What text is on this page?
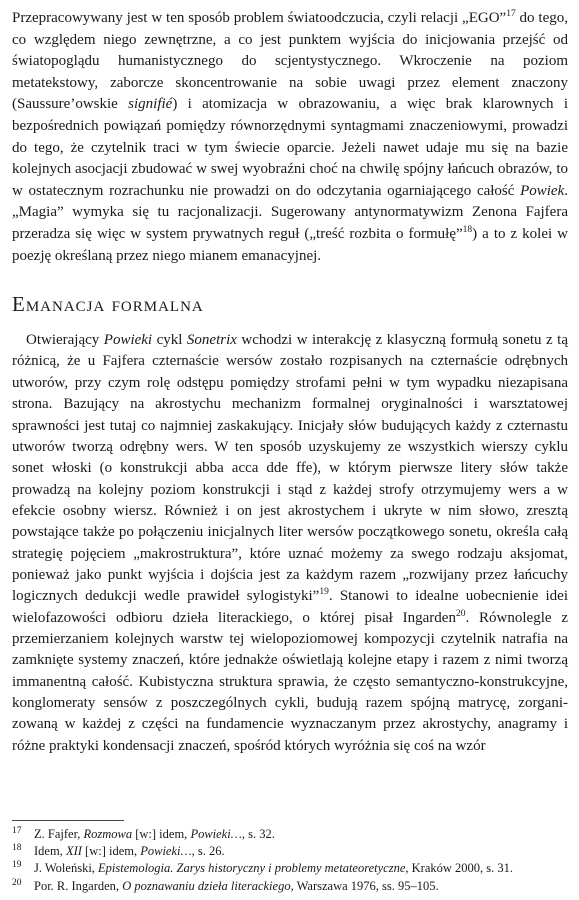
Przepracowywany jest w ten sposób problem światoodczucia, czyli relacji „EGO”$^{17}$ do tego, co względem niego zewnętrzne, a co jest punktem wyjścia do inicjowania przejść od światopoglądu humanistycznego do scjentystycznego. Wkroczenie na poziom metatekstowy, zaborcze skoncentrowanie na sobie uwagi przez element znaczony (Saussure’owskie signifié) i atomizacja w obrazowaniu, a więc brak klarownych i bezpośrednich powiązań pomiędzy równorzędnymi syntagmami znaczeniowymi, prowadzi do tego, że czytelnik traci w tym świecie oparcie. Jeżeli nawet udaje mu się na bazie kolejnych asocjacji zbudować w swej wyobraźni choć na chwilę spójny łańcuch obrazów, to w ostatecznym rozrachunku nie prowadzi on do odczytania ogarniającego całość Powiek. „Magia” wymyka się tu racjonalizacji. Sugerowany antynormatywizm Zenona Fajfera przeradza się więc w system prywatnych reguł („treść rozbita o formułę”$^{18}$) a to z kolei w poezję określaną przez niego mianem emanacyjnej.

Emanacja formalna

Otwierający Powieki cykl Sonetrix wchodzi w interakcję z klasyczną formułą sonetu z tą różnicą, że u Fajfera czternaście wersów zostało rozpisanych na czternaście odrębnych utworów, przy czym rolę odstępu pomiędzy strofami pełni w tym wypadku niezapisana strona. Bazujący na akrostychu mechanizm formalnej oryginalności i warsztatowej sprawności jest tutaj co najmniej zaskakujący. Inicjały słów budujących każdy z czternastu utworów tworzą odrębny wers. W ten sposób uzyskujemy ze wszystkich wierszy cyklu sonet włoski (o konstrukcji abba acca dde ffe), w którym pierwsze litery słów także prowadzą na kolejny poziom konstrukcji i stąd z każdej strofy otrzymujemy wers a w efekcie osobny wiersz. Również i on jest akrostychem i ukryte w nim słowo, zresztą powstające także po połączeniu inicjalnych liter wersów początkowego sonetu, określa całą strategię pojęciem „makrostruktura”, które uznać możemy za swego rodzaju aksjomat, ponieważ jako punkt wyjścia i dojścia jest za każdym razem „rozwijany przez łańcuchy logicznych dedukcji wedle prawideł sylogistyki”$^{19}$. Stanowi to idealne uobecnienie idei wielofazowości odbioru dzieła literackiego, o której pisał Ingarden$^{20}$. Równolegle z przemierzaniem kolejnych warstw tej wielopoziomowej kompozycji czytelnik natrafia na zamknięte systemy znaczeń, które jednakże oświetlają kolejne etapy i razem z nimi tworzą immanentną całość. Kubistyczna struktura sprawia, że często semantyczno-konstrukcyjne, konglomeraty sensów z poszczególnych cykli, budują razem spójną matrycę, zorganizowaną w każdej z części na fundamencie wyznaczanym przez akrostychy, anagramy i różne praktyki kondensacji znaczeń, spośród których wyróżnia się coś na wzór

17	Z. Fajfer, Rozmowa [w:] idem, Powieki…, s. 32.
18	Idem, XII [w:] idem, Powieki…, s. 26.
19	J. Woleński, Epistemologia. Zarys historyczny i problemy metateoretyczne, Kraków 2000, s. 31.
20	Por. R. Ingarden, O poznawaniu dzieła literackiego, Warszawa 1976, ss. 95–105.
